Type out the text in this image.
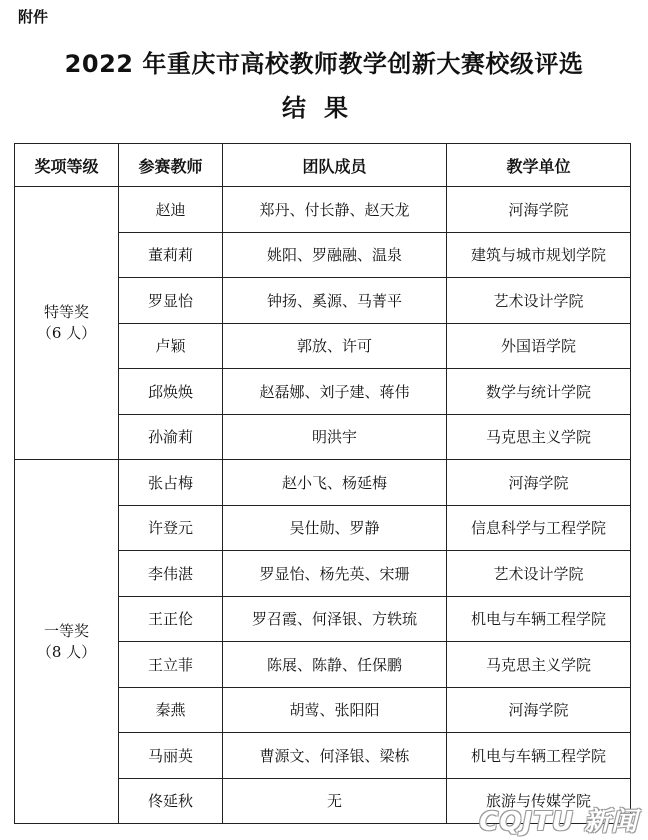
附件
2022 年重庆市高校教师教学创新大赛校级评选
结果
奖项等级	参赛教师	团队成员	教学单位

特等奖
（6 人）	赵迪	郑丹、付长静、赵天龙	河海学院
	董莉莉	姚阳、罗融融、温泉	建筑与城市规划学院
	罗显怡	钟扬、奚源、马菁平	艺术设计学院
	卢颖	郭放、许可	外国语学院
	邱焕焕	赵磊娜、刘子建、蒋伟	数学与统计学院
	孙渝莉	明洪宇	马克思主义学院

一等奖
（8 人）	张占梅	赵小飞、杨延梅	河海学院
	许登元	吴仕勋、罗静	信息科学与工程学院
	李伟湛	罗显怡、杨先英、宋珊	艺术设计学院
	王正伦	罗召霞、何泽银、方轶琉	机电与车辆工程学院
	王立菲	陈展、陈静、任保鹏	马克思主义学院
	秦燕	胡莺、张阳阳	河海学院
	马丽英	曹源文、何泽银、梁栋	机电与车辆工程学院
	佟延秋	无	旅游与传媒学院
CQJTU 新闻
